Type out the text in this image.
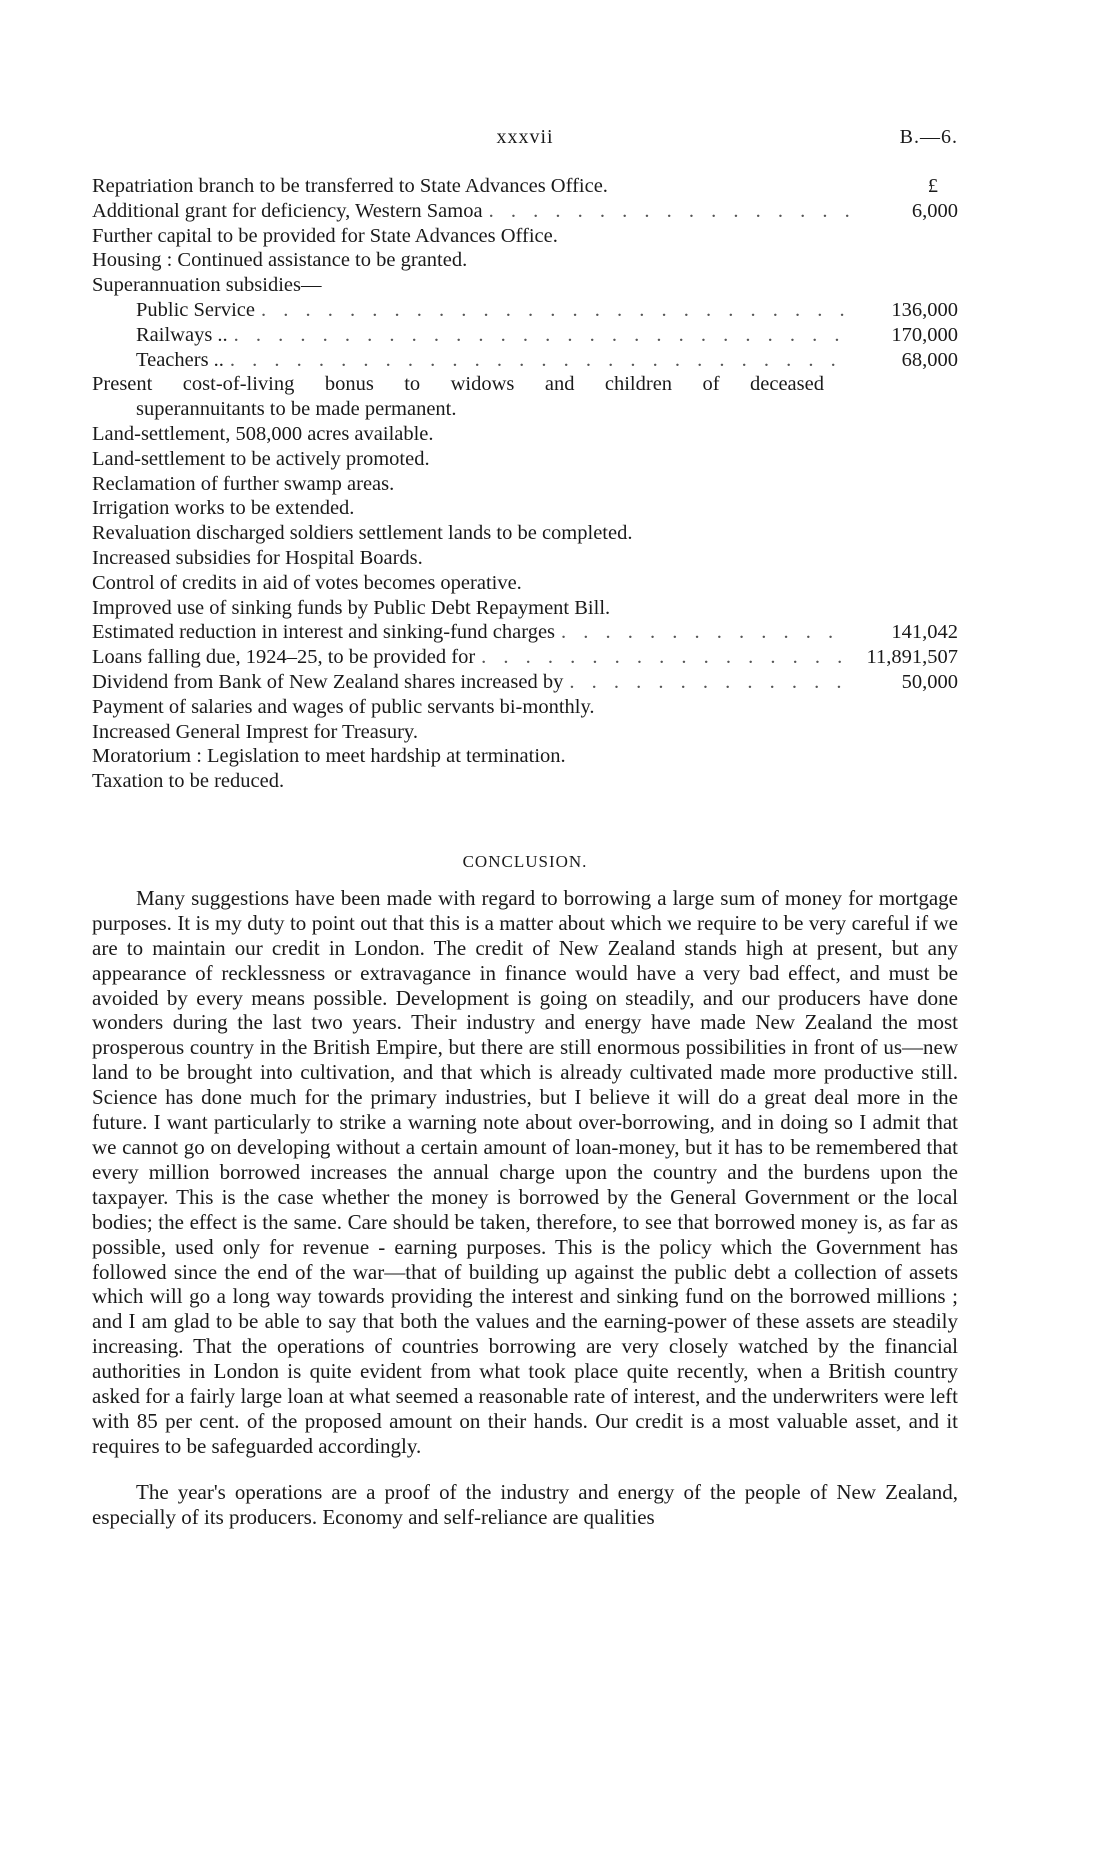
xxxvii	B.—6.
Repatriation branch to be transferred to State Advances Office.	£
Additional grant for deficiency, Western Samoa . . .	6,000
Further capital to be provided for State Advances Office.
Housing : Continued assistance to be granted.
Superannuation subsidies—
Public Service . . .	136,000
Railways .. . . .	170,000
Teachers .. . . .	68,000
Present cost-of-living bonus to widows and children of deceased
superannuitants to be made permanent.
Land-settlement, 508,000 acres available.
Land-settlement to be actively promoted.
Reclamation of further swamp areas.
Irrigation works to be extended.
Revaluation discharged soldiers settlement lands to be completed.
Increased subsidies for Hospital Boards.
Control of credits in aid of votes becomes operative.
Improved use of sinking funds by Public Debt Repayment Bill.
Estimated reduction in interest and sinking-fund charges . . .	141,042
Loans falling due, 1924–25, to be provided for . . .	11,891,507
Dividend from Bank of New Zealand shares increased by . . .	50,000
Payment of salaries and wages of public servants bi-monthly.
Increased General Imprest for Treasury.
Moratorium : Legislation to meet hardship at termination.
Taxation to be reduced.
CONCLUSION.

Many suggestions have been made with regard to borrowing a large sum of money for mortgage purposes. It is my duty to point out that this is a matter about which we require to be very careful if we are to maintain our credit in London. The credit of New Zealand stands high at present, but any appearance of recklessness or extravagance in finance would have a very bad effect, and must be avoided by every means possible. Development is going on steadily, and our producers have done wonders during the last two years. Their industry and energy have made New Zealand the most prosperous country in the British Empire, but there are still enormous possibilities in front of us—new land to be brought into cultivation, and that which is already cultivated made more productive still. Science has done much for the primary industries, but I believe it will do a great deal more in the future. I want particularly to strike a warning note about over-borrowing, and in doing so I admit that we cannot go on developing without a certain amount of loan-money, but it has to be remembered that every million borrowed increases the annual charge upon the country and the burdens upon the taxpayer. This is the case whether the money is borrowed by the General Government or the local bodies; the effect is the same. Care should be taken, therefore, to see that borrowed money is, as far as possible, used only for revenue - earning purposes. This is the policy which the Government has followed since the end of the war—that of building up against the public debt a collection of assets which will go a long way towards providing the interest and sinking fund on the borrowed millions ; and I am glad to be able to say that both the values and the earning-power of these assets are steadily increasing. That the operations of countries borrowing are very closely watched by the financial authorities in London is quite evident from what took place quite recently, when a British country asked for a fairly large loan at what seemed a reasonable rate of interest, and the underwriters were left with 85 per cent. of the proposed amount on their hands. Our credit is a most valuable asset, and it requires to be safeguarded accordingly.

The year's operations are a proof of the industry and energy of the people of New Zealand, especially of its producers. Economy and self-reliance are qualities
